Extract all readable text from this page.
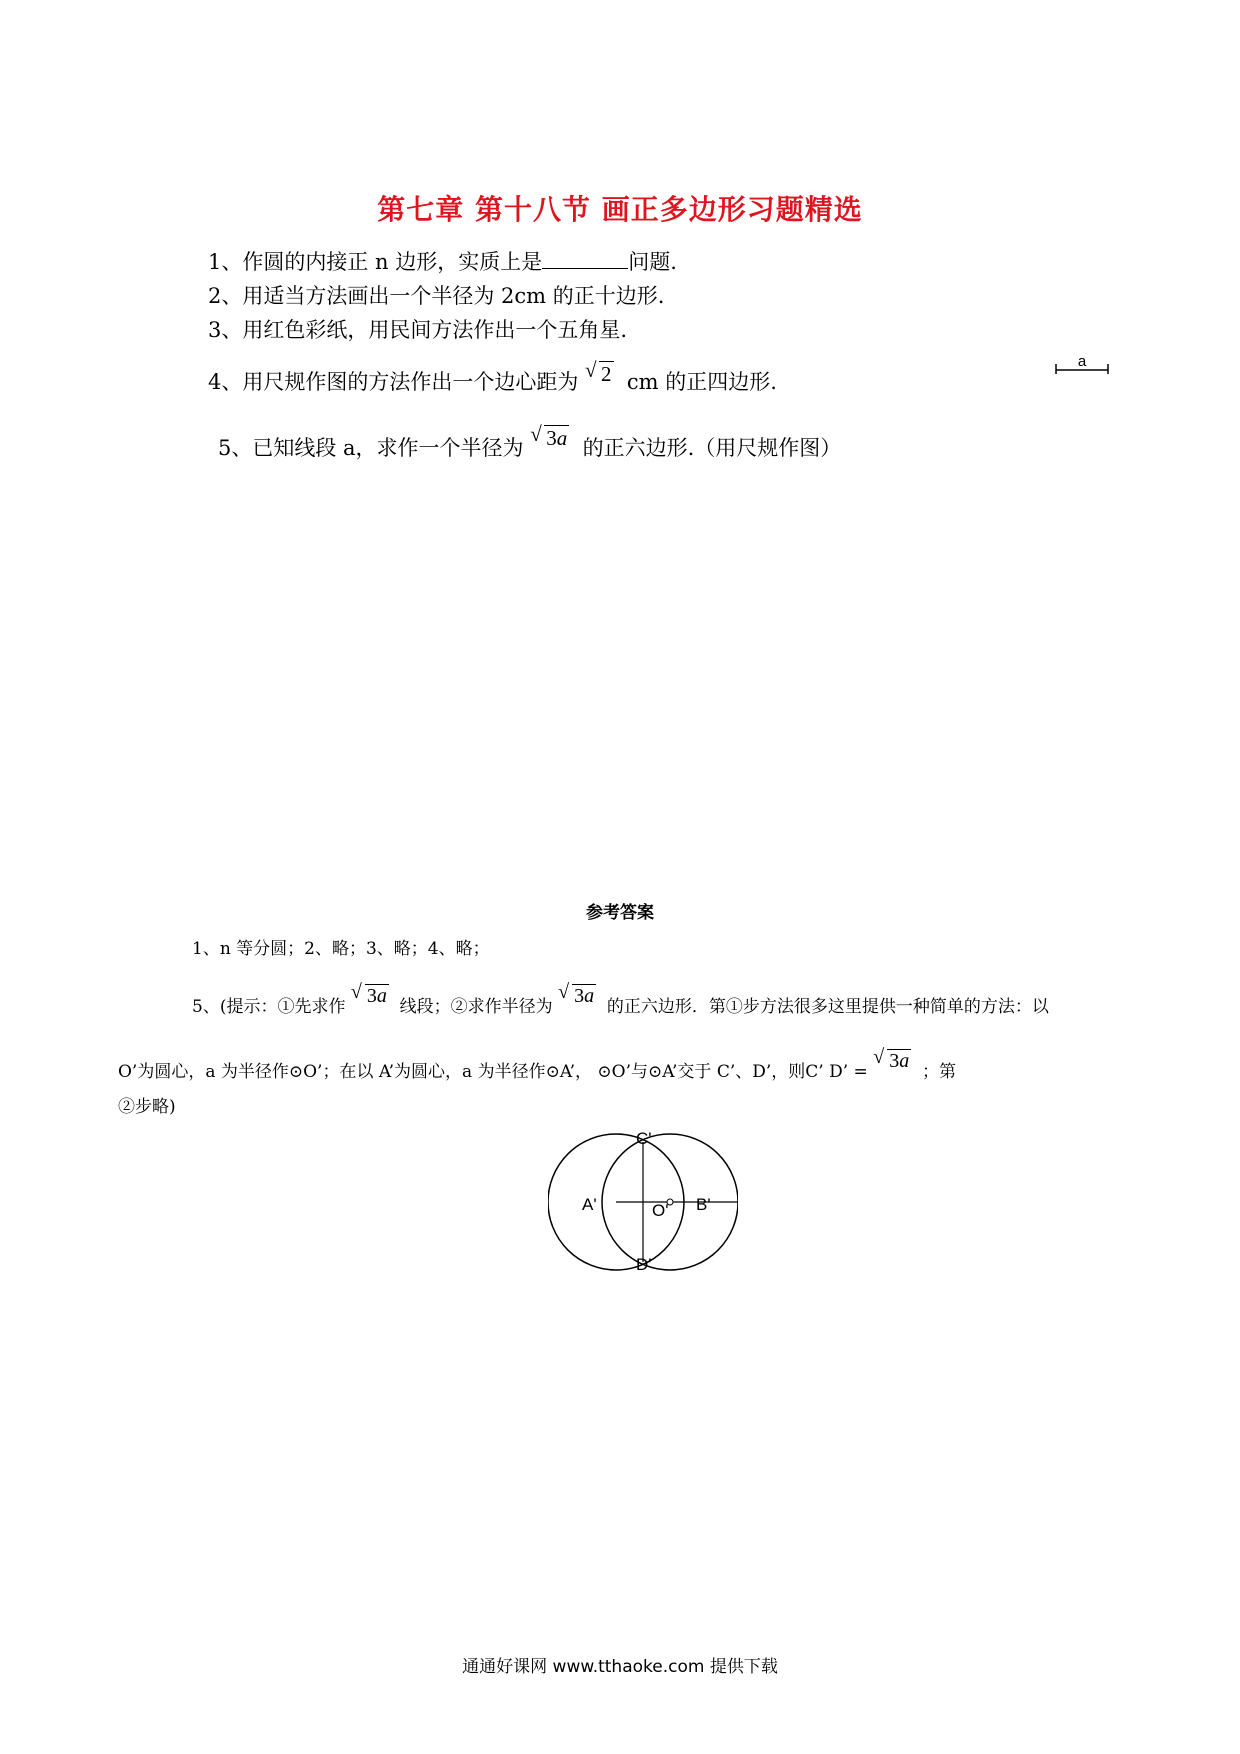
第七章 第十八节 画正多边形习题精选
1、作圆的内接正 n 边形，实质上是	问题.
2、用适当方法画出一个半径为 2cm 的正十边形.
3、用红色彩纸，用民间方法作出一个五角星.
4、用尺规作图的方法作出一个边心距为 √ 2 cm 的正四边形.
a
5、已知线段 a，求作一个半径为
√ 3a 的正六边形.（用尺规作图）
参考答案
1、n 等分圆；2、略；3、略；4、略；
5、(提示：①先求作
√ 3a 线段；②求作半径为
√ 3a 的正六边形．第①步方法很多这里提供一种简单的方法：以
O’为圆心，a 为半径作⊙O’；在以 A’为圆心，a 为半径作⊙A’， ⊙O’与⊙A’交于 C’、D’，则C’ D’ =
√ 3a ；第
②步略)
C'
D'
A'	O' B'
通通好课网 www.tthaoke.com 提供下载
